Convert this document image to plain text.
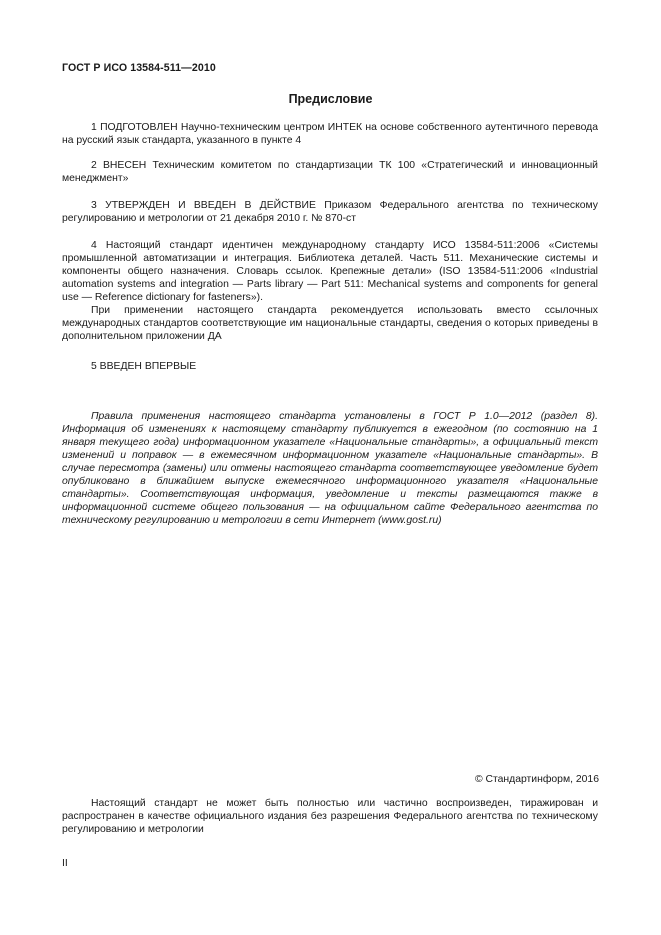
ГОСТ Р ИСО 13584-511—2010
Предисловие

1 ПОДГОТОВЛЕН Научно-техническим центром ИНТЕК на основе собственного аутентичного перевода на русский язык стандарта, указанного в пункте 4

2 ВНЕСЕН Техническим комитетом по стандартизации ТК 100 «Стратегический и инновационный менеджмент»

3 УТВЕРЖДЕН И ВВЕДЕН В ДЕЙСТВИЕ Приказом Федерального агентства по техническому регулированию и метрологии от 21 декабря 2010 г. № 870-ст

4 Настоящий стандарт идентичен международному стандарту ИСО 13584-511:2006 «Системы промышленной автоматизации и интеграция. Библиотека деталей. Часть 511. Механические системы и компоненты общего назначения. Словарь ссылок. Крепежные детали» (ISO 13584-511:2006 «Industrial automation systems and integration — Parts library — Part 511: Mechanical systems and components for general use — Reference dictionary for fasteners»).

При применении настоящего стандарта рекомендуется использовать вместо ссылочных международных стандартов соответствующие им национальные стандарты, сведения о которых приведены в дополнительном приложении ДА

5 ВВЕДЕН ВПЕРВЫЕ

Правила применения настоящего стандарта установлены в ГОСТ Р 1.0—2012 (раздел 8). Информация об изменениях к настоящему стандарту публикуется в ежегодном (по состоянию на 1 января текущего года) информационном указателе «Национальные стандарты», а официальный текст изменений и поправок — в ежемесячном информационном указателе «Национальные стандарты». В случае пересмотра (замены) или отмены настоящего стандарта соответствующее уведомление будет опубликовано в ближайшем выпуске ежемесячного информационного указателя «Национальные стандарты». Соответствующая информация, уведомление и тексты размещаются также в информационной системе общего пользования — на официальном сайте Федерального агентства по техническому регулированию и метрологии в сети Интернет (www.gost.ru)

© Стандартинформ, 2016

Настоящий стандарт не может быть полностью или частично воспроизведен, тиражирован и распространен в качестве официального издания без разрешения Федерального агентства по техническому регулированию и метрологии

II
